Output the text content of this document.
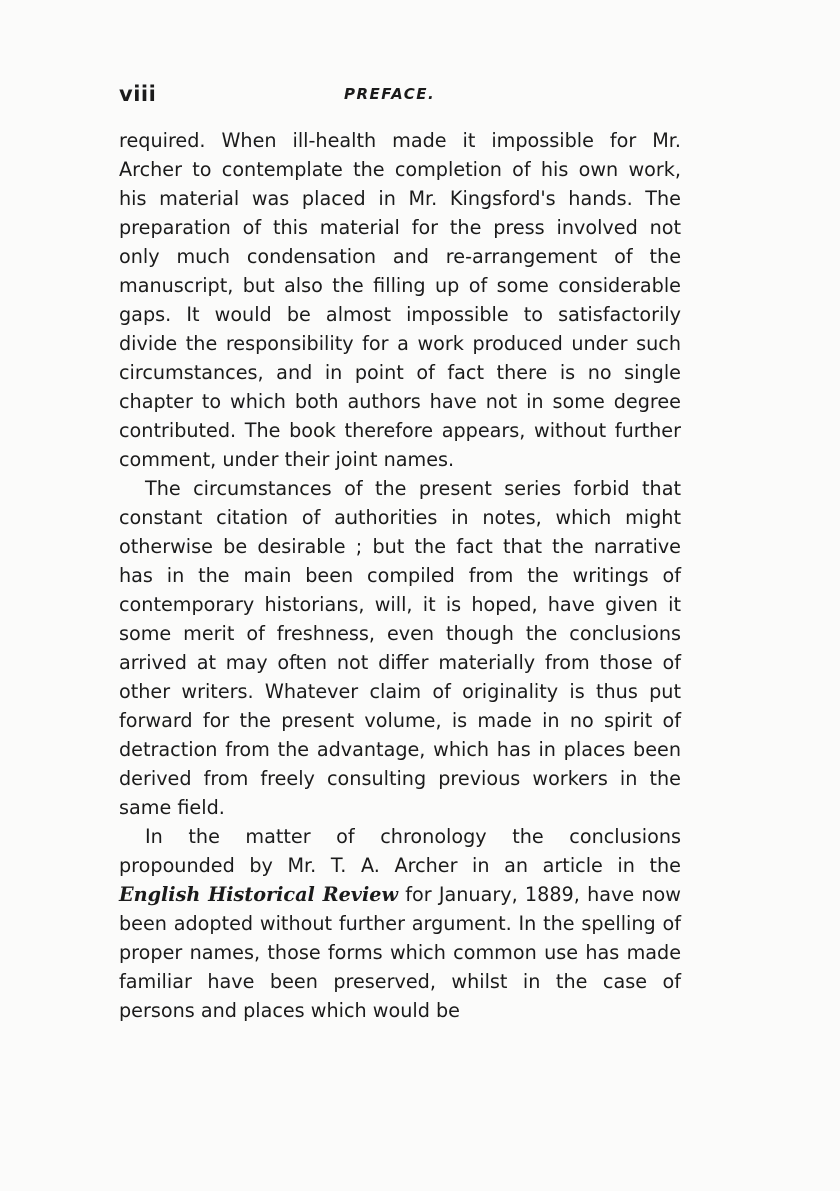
viii	PREFACE.

required. When ill-health made it impossible for Mr. Archer to contemplate the completion of his own work, his material was placed in Mr. Kingsford's hands. The preparation of this material for the press involved not only much condensation and re-arrangement of the manuscript, but also the filling up of some considerable gaps. It would be almost impossible to satisfactorily divide the responsibility for a work produced under such circumstances, and in point of fact there is no single chapter to which both authors have not in some degree contributed. The book therefore appears, without further comment, under their joint names.

The circumstances of the present series forbid that constant citation of authorities in notes, which might otherwise be desirable ; but the fact that the narrative has in the main been compiled from the writings of contemporary historians, will, it is hoped, have given it some merit of freshness, even though the conclusions arrived at may often not differ materially from those of other writers. Whatever claim of originality is thus put forward for the present volume, is made in no spirit of detraction from the advantage, which has in places been derived from freely consulting previous workers in the same field.

In the matter of chronology the conclusions propounded by Mr. T. A. Archer in an article in the English Historical Review for January, 1889, have now been adopted without further argument. In the spelling of proper names, those forms which common use has made familiar have been preserved, whilst in the case of persons and places which would be
